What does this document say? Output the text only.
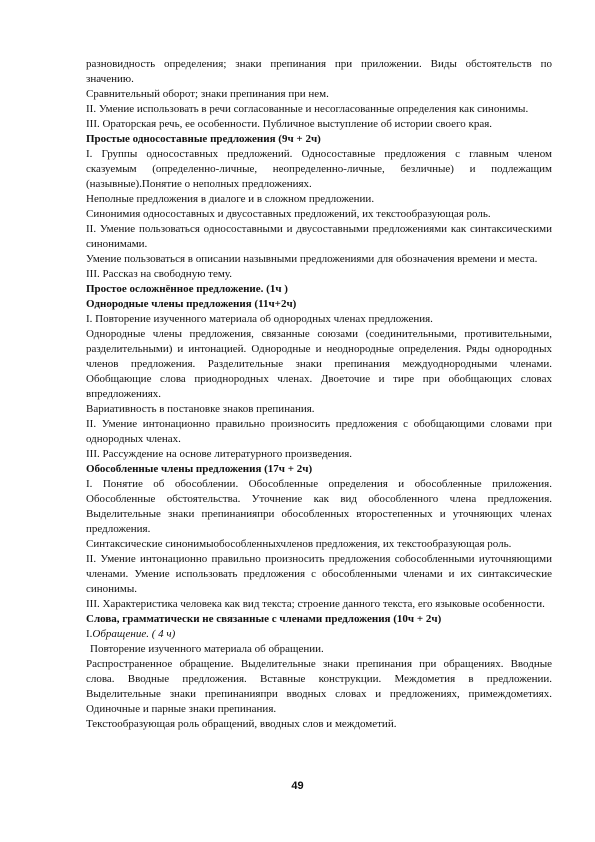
разновидность определения; знаки препинания при приложении. Виды обстоятельств по значению.

Сравнительный оборот; знаки препинания при нем.

II. Умение использовать в речи согласованные и несогласованные определения как синонимы.

III. Ораторская речь, ее особенности. Публичное выступление об истории своего края.

Простые односоставные предложения (9ч + 2ч)

I. Группы односоставных предложений. Односоставные предложения с главным членом сказуемым (определенно-личные, неопределенно-личные, безличные) и подлежащим (назывные).Понятие о неполных предложениях.

Неполные предложения в диалоге и в сложном предложении.

Синонимия односоставных и двусоставных предложений, их текстообразующая роль.

II. Умение пользоваться односоставными и двусоставными предложениями как синтаксическими синонимами.

Умение пользоваться в описании назывными предложениями для обозначения времени и места.

III. Рассказ на свободную тему.

Простое осложнённое предложение. (1ч )

Однородные члены предложения (11ч+2ч)

I. Повторение изученного материала об однородных членах предложения.

Однородные члены предложения, связанные союзами (соединительными, противительными, разделительными) и интонацией. Однородные и неоднородные определения. Ряды однородных членов предложения. Разделительные знаки препинания междуоднородными членами. Обобщающие слова приоднородных членах. Двоеточие и тире при обобщающих словах впредложениях.

Вариативность в постановке знаков препинания.

II. Умение интонационно правильно произносить предложения с обобщающими словами при однородных членах.

III. Рассуждение на основе литературного произведения.

Обособленные члены предложения (17ч + 2ч)

I. Понятие об обособлении. Обособленные определения и обособленные приложения. Обособленные обстоятельства. Уточнение как вид обособленного члена предложения. Выделительные знаки препинанияпри обособленных второстепенных и уточняющих членах предложения.

Синтаксические синонимыобособленныхчленов предложения, их текстообразующая роль.

II. Умение интонационно правильно произносить предложения собособленными иуточняющими членами. Умение использовать предложения с обособленными членами и их синтаксические синонимы.

III. Характеристика человека как вид текста; строение данного текста, его языковые особенности.

Слова, грамматически не связанные с членами предложения (10ч + 2ч)

I.Обращение. ( 4 ч)

Повторение изученного материала об обращении.

Распространенное обращение. Выделительные знаки препинания при обращениях. Вводные слова. Вводные предложения. Вставные конструкции. Междометия в предложении. Выделительные знаки препинанияпри вводных словах и предложениях, примеждометиях. Одиночные и парные знаки препинания.

Текстообразующая роль обращений, вводных слов и междометий.

49
